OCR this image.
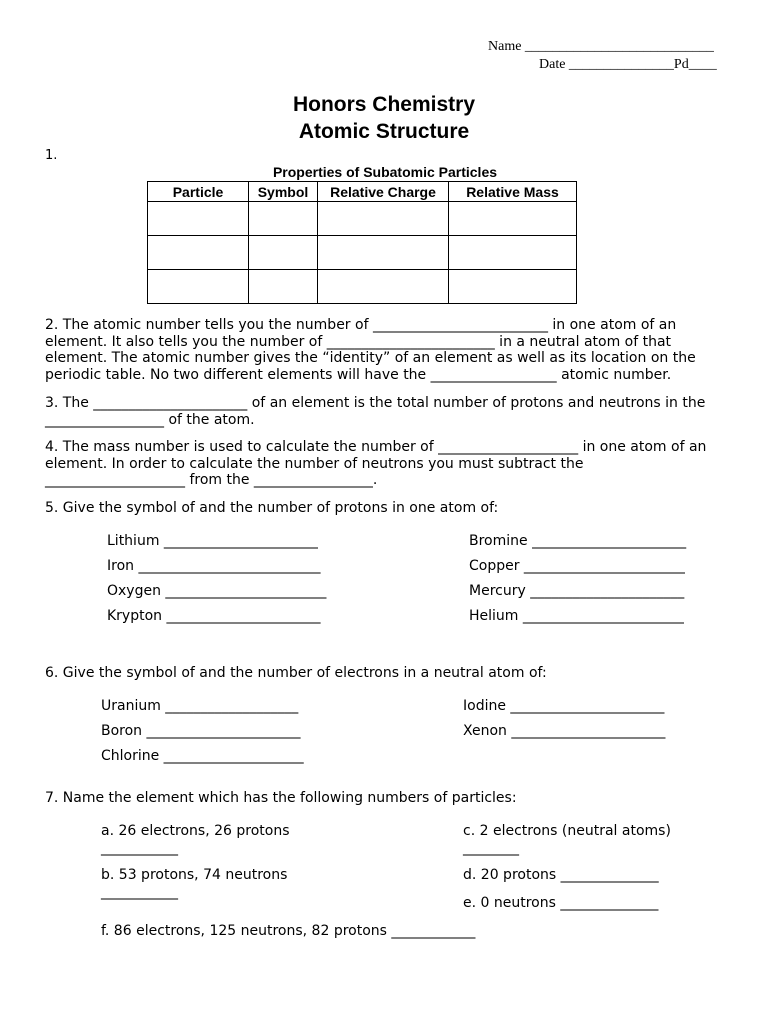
Name ___________________________
Date _______________Pd____
Honors Chemistry
Atomic Structure
1.
Properties of Subatomic Particles
Particle	Symbol	Relative Charge	Relative Mass

2. The atomic number tells you the number of _________________________ in one atom of an element. It also tells you the number of ________________________ in a neutral atom of that element. The atomic number gives the “identity” of an element as well as its location on the periodic table. No two different elements will have the __________________ atomic number.
3. The ______________________ of an element is the total number of protons and neutrons in the _________________ of the atom.
4. The mass number is used to calculate the number of ____________________ in one atom of an element. In order to calculate the number of neutrons you must subtract the ____________________ from the _________________.
5. Give the symbol of and the number of protons in one atom of:
Lithium ______________________
Iron __________________________
Oxygen _______________________
Krypton ______________________
Bromine ______________________
Copper _______________________
Mercury ______________________
Helium _______________________
6. Give the symbol of and the number of electrons in a neutral atom of:
Uranium ___________________
Boron ______________________
Chlorine ____________________
Iodine ______________________
Xenon ______________________
7. Name the element which has the following numbers of particles:
a. 26 electrons, 26 protons
___________
b. 53 protons, 74 neutrons
___________
c. 2 electrons (neutral atoms)
________
d. 20 protons ______________
e. 0 neutrons ______________
f. 86 electrons, 125 neutrons, 82 protons ____________
